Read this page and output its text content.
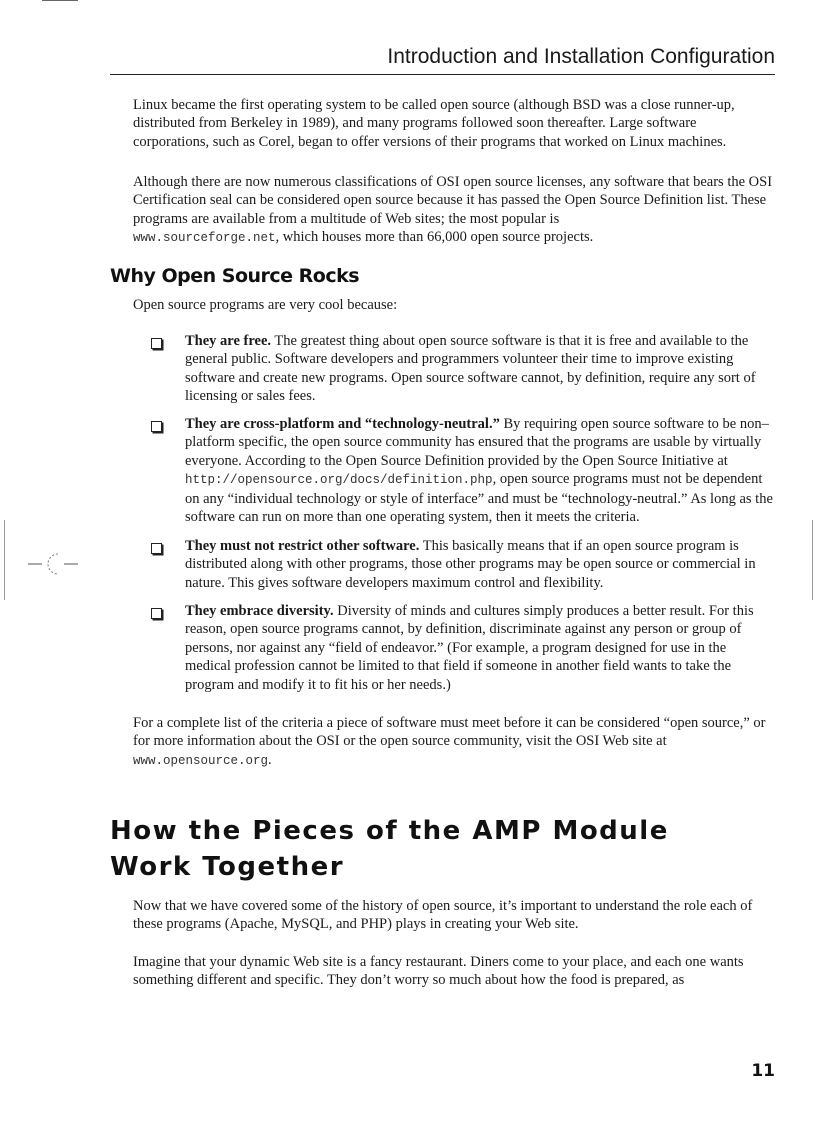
Introduction and Installation Configuration

Linux became the first operating system to be called open source (although BSD was a close runner-up, distributed from Berkeley in 1989), and many programs followed soon thereafter. Large software corporations, such as Corel, began to offer versions of their programs that worked on Linux machines.

Although there are now numerous classifications of OSI open source licenses, any software that bears the OSI Certification seal can be considered open source because it has passed the Open Source Definition list. These programs are available from a multitude of Web sites; the most popular is
www.sourceforge.net, which houses more than 66,000 open source projects.

Why Open Source Rocks

Open source programs are very cool because:

They are free. The greatest thing about open source software is that it is free and available to the general public. Software developers and programmers volunteer their time to improve existing software and create new programs. Open source software cannot, by definition, require any sort of licensing or sales fees.

They are cross-platform and “technology-neutral.” By requiring open source software to be non–platform specific, the open source community has ensured that the programs are usable by virtually everyone. According to the Open Source Definition provided by the Open Source Initiative at http://opensource.org/docs/definition.php, open source programs must not be dependent on any “individual technology or style of interface” and must be “technology-neutral.” As long as the software can run on more than one operating system, then it meets the criteria.

They must not restrict other software. This basically means that if an open source program is distributed along with other programs, those other programs may be open source or commercial in nature. This gives software developers maximum control and flexibility.

They embrace diversity. Diversity of minds and cultures simply produces a better result. For this reason, open source programs cannot, by definition, discriminate against any person or group of persons, nor against any “field of endeavor.” (For example, a program designed for use in the medical profession cannot be limited to that field if someone in another field wants to take the program and modify it to fit his or her needs.)

For a complete list of the criteria a piece of software must meet before it can be considered “open source,” or for more information about the OSI or the open source community, visit the OSI Web site at www.opensource.org.

How the Pieces of the AMP Module
Work Together

Now that we have covered some of the history of open source, it’s important to understand the role each of these programs (Apache, MySQL, and PHP) plays in creating your Web site.

Imagine that your dynamic Web site is a fancy restaurant. Diners come to your place, and each one wants something different and specific. They don’t worry so much about how the food is prepared, as

11
